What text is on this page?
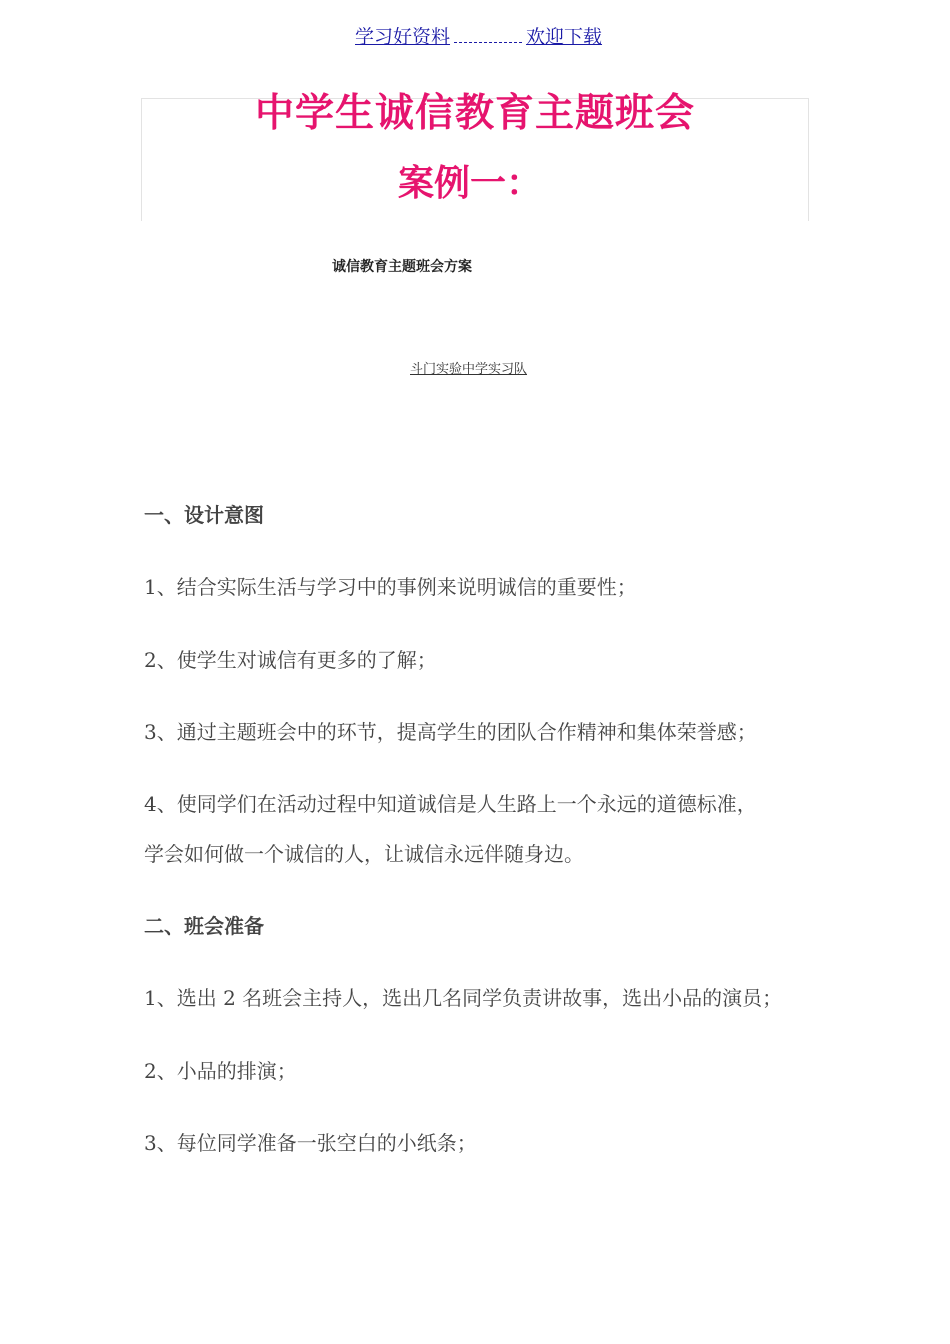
学习好资料	欢迎下载
中学生诚信教育主题班会
案例一：
诚信教育主题班会方案
斗门实验中学实习队
一、设计意图
1、结合实际生活与学习中的事例来说明诚信的重要性；
2、使学生对诚信有更多的了解；
3、通过主题班会中的环节，提高学生的团队合作精神和集体荣誉感；
4、使同学们在活动过程中知道诚信是人生路上一个永远的道德标准，
学会如何做一个诚信的人，让诚信永远伴随身边。
二、班会准备
1、选出 2 名班会主持人，选出几名同学负责讲故事，选出小品的演员；
2、小品的排演；
3、每位同学准备一张空白的小纸条；
